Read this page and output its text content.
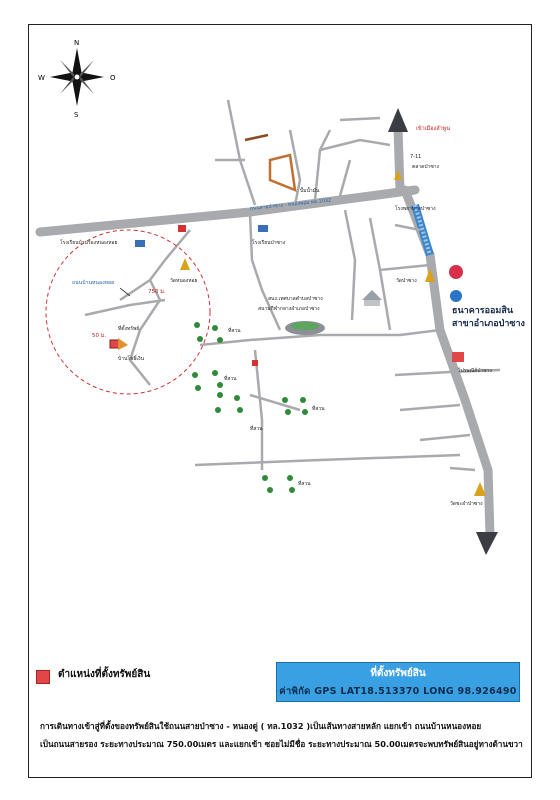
N
S
W	O
50 ม.
ที่ตั้งทรัพย์
บ้านโพธิ์เงิน
ถนนบ้านหนองหอย
750 ม.
ที่สวน
ที่สวน
ที่สวน
ที่สวน
ที่สวน
วัดหนองหอย	วัดป่าซาง
วัดชะอำป่าซาง
โรงเรียนบ้านร้องหนองหอย	โรงเรียนป่าซาง
สนง.เทศบาลตำบลป่าซาง
สนามกีฬากลางอำเภอป่าซาง	ธนาคารออมสิน
สาขาอำเภอป่าซาง
ไปรษณีย์ป่าซาง
เข้าเมืองลำพูน
7-11
ตลาดป่าซาง
โรงพยาบาลป่าซาง
ปั้มน้ำมัน
ถนนสายป่าซาง - หนองหอย ทล.1032
ตำแหน่งที่ตั้งทรัพย์สิน	ที่ตั้งทรัพย์สิน
ค่าพิกัด GPS LAT18.513370 LONG 98.926490
การเดินทางเข้าสู่ที่ตั้งของทรัพย์สินใช้ถนนสายป่าซาง - หนองดู่ ( ทล.1032 )เป็นเส้นทางสายหลัก แยกเข้า ถนนบ้านหนองหอย
เป็นถนนสายรอง ระยะทางประมาณ 750.00เมตร และแยกเข้า ซอยไม่มีชื่อ ระยะทางประมาณ 50.00เมตรจะพบทรัพย์สินอยู่ทางด้านขวา
